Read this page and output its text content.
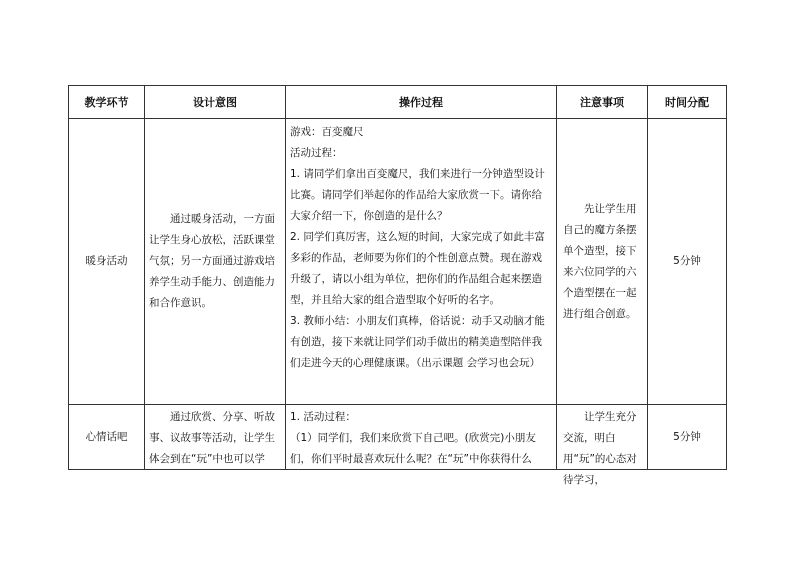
教学环节	设计意图	操作过程	注意事项	时间分配
暖身活动	通过暖身活动，一方面让学生身心放松，活跃课堂气氛；另一方面通过游戏培养学生动手能力、创造能力和合作意识。	游戏：百变魔尺
活动过程：
1. 请同学们拿出百变魔尺，我们来进行一分钟造型设计比赛。请同学们举起你的作品给大家欣赏一下。请你给大家介绍一下，你创造的是什么？
2. 同学们真厉害，这么短的时间，大家完成了如此丰富多彩的作品，老师要为你们的个性创意点赞。现在游戏升级了，请以小组为单位，把你们的作品组合起来摆造型，并且给大家的组合造型取个好听的名字。
3. 教师小结：小朋友们真棒，俗话说：动手又动脑才能有创造，接下来就让同学们动手做出的精美造型陪伴我们走进今天的心理健康课。（出示课题 会学习也会玩）	先让学生用自己的魔方条摆单个造型，接下来六位同学的六个造型摆在一起进行组合创意。	5分钟
心情话吧	通过欣赏、分享、听故事、议故事等活动，让学生体会到在“玩”中也可以学	1. 活动过程：
（1）同学们，我们来欣赏下自己吧。(欣赏完)小朋友们，你们平时最喜欢玩什么呢？在“玩”中你获得什么	让学生充分交流，明白用“玩”的心态对待学习，	5分钟
